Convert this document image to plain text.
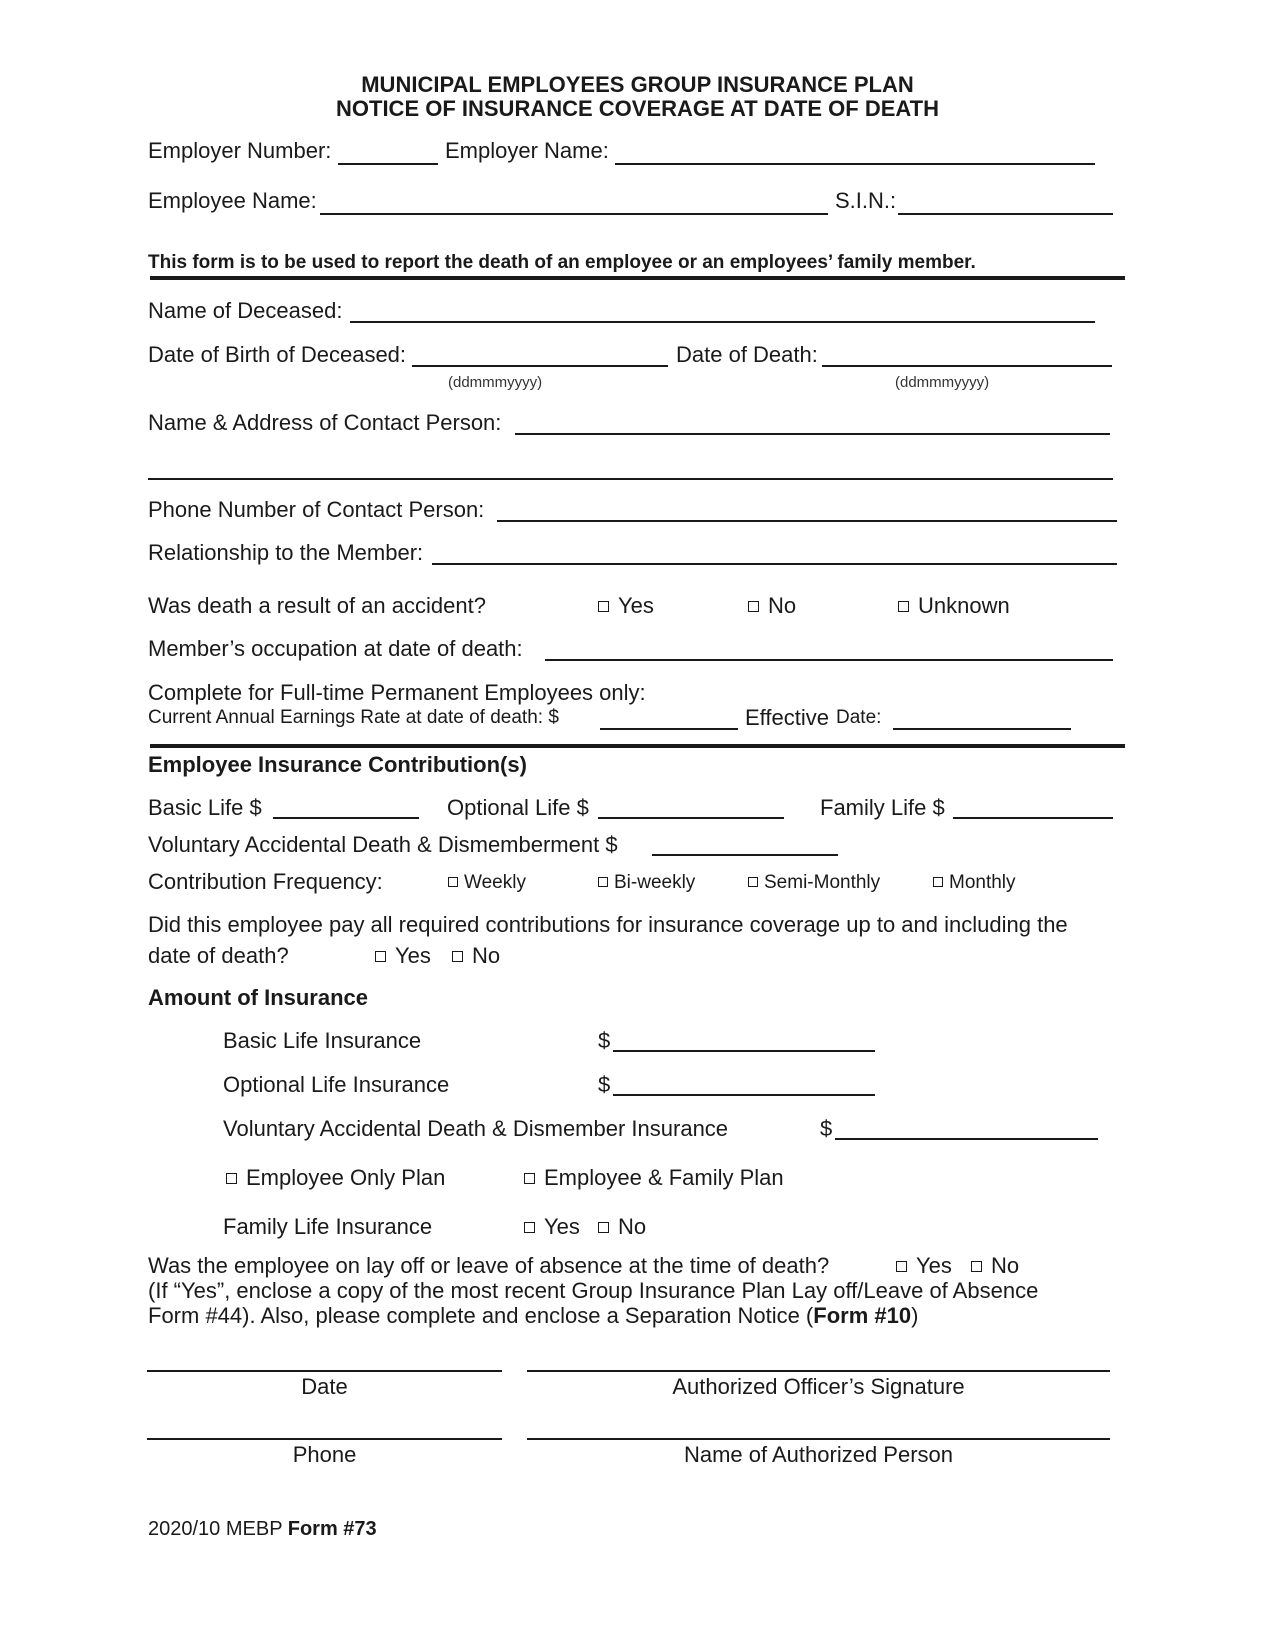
MUNICIPAL EMPLOYEES GROUP INSURANCE PLAN
NOTICE OF INSURANCE COVERAGE AT DATE OF DEATH
Employer Number:	Employer Name:
Employee Name:	S.I.N.:
This form is to be used to report the death of an employee or an employees’ family member.
Name of Deceased:
Date of Birth of Deceased:	Date of Death:
(ddmmmyyyy)	(ddmmmyyyy)
Name & Address of Contact Person:
Phone Number of Contact Person:
Relationship to the Member:
Was death a result of an accident?	Yes	No	Unknown
Member’s occupation at date of death:
Complete for Full-time Permanent Employees only:
Current Annual Earnings Rate at date of death: $	Effective Date:
Employee Insurance Contribution(s)
Basic Life $	Optional Life $	Family Life $
Voluntary Accidental Death & Dismemberment $
Contribution Frequency:	Weekly	Bi-weekly	Semi-Monthly	Monthly
Did this employee pay all required contributions for insurance coverage up to and including the
date of death?	Yes	No
Amount of Insurance
Basic Life Insurance	$
Optional Life Insurance	$
Voluntary Accidental Death & Dismember Insurance	$
Employee Only Plan	Employee & Family Plan
Family Life Insurance	Yes	No
Was the employee on lay off or leave of absence at the time of death?	Yes	No
(If “Yes”, enclose a copy of the most recent Group Insurance Plan Lay off/Leave of Absence
Form #44). Also, please complete and enclose a Separation Notice (Form #10)
Date	Authorized Officer’s Signature
Phone	Name of Authorized Person
2020/10 MEBP Form #73
